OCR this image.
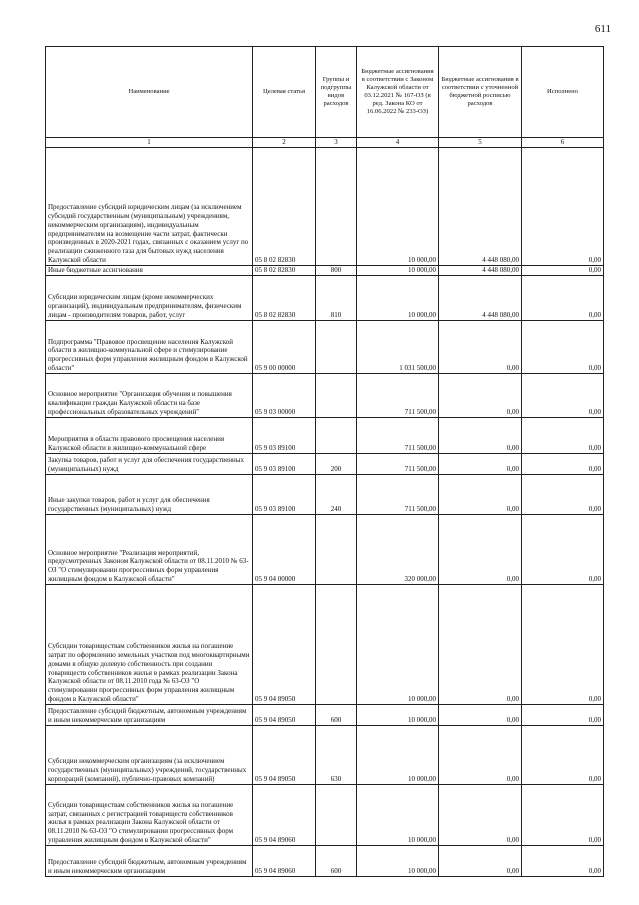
611
Наименование	Целевая статья	Группы и подгруппы видов расходов	Бюджетные ассигнования в соответствии с Законом Калужской области от 03.12.2021 № 167-ОЗ (в ред. Закона КО от 16.06.2022 № 233-ОЗ)	Бюджетные ассигнования в соответствии с уточненной бюджетной росписью расходов	Исполнено
1	2	3	4	5	6
Предоставление субсидий юридическим лицам (за исключением субсидий государственным (муниципальным) учреждениям, некоммерческим организациям), индивидуальным предпринимателям на возмещение части затрат, фактически произведенных в 2020-2021 годах, связанных с оказанием услуг по реализации сжиженного газа для бытовых нужд населения Калужской области	05 8 02 82830		10 000,00	4 448 080,00	0,00
Иные бюджетные ассигнования	05 8 02 82830	800	10 000,00	4 448 080,00	0,00
Субсидии юридическим лицам (кроме некоммерческих организаций), индивидуальным предпринимателям, физическим лицам - производителям товаров, работ, услуг	05 8 02 82830	810	10 000,00	4 448 080,00	0,00
Подпрограмма "Правовое просвещение населения Калужской области в жилищно-коммунальной сфере и стимулирование прогрессивных форм управления жилищным фондом в Калужской области"	05 9 00 00000		1 031 500,00	0,00	0,00
Основное мероприятие "Организация обучения и повышения квалификации граждан Калужской области на базе профессиональных образовательных учреждений"	05 9 03 00000		711 500,00	0,00	0,00
Мероприятия в области правового просвещения населения Калужской области в жилищно-коммунальной сфере	05 9 03 89100		711 500,00	0,00	0,00
Закупка товаров, работ и услуг для обеспечения государственных (муниципальных) нужд	05 9 03 89100	200	711 500,00	0,00	0,00
Иные закупки товаров, работ и услуг для обеспечения государственных (муниципальных) нужд	05 9 03 89100	240	711 500,00	0,00	0,00
Основное мероприятие "Реализация мероприятий, предусмотренных Законом Калужской области от 08.11.2010 № 63-ОЗ "О стимулировании прогрессивных форм управления жилищным фондом в Калужской области"	05 9 04 00000		320 000,00	0,00	0,00
Субсидии товариществам собственников жилья на погашение затрат по оформлению земельных участков под многоквартирными домами в общую долевую собственность при создании товариществ собственников жилья в рамках реализации Закона Калужской области от 08.11.2010 года № 63-ОЗ "О стимулировании прогрессивных форм управления жилищным фондом в Калужской области"	05 9 04 89050		10 000,00	0,00	0,00
Предоставление субсидий бюджетным, автономным учреждениям и иным некоммерческим организациям	05 9 04 89050	600	10 000,00	0,00	0,00
Субсидии некоммерческим организациям (за исключением государственных (муниципальных) учреждений, государственных корпораций (компаний), публично-правовых компаний)	05 9 04 89050	630	10 000,00	0,00	0,00
Субсидии товариществам собственников жилья на погашение затрат, связанных с регистрацией товариществ собственников жилья в рамках реализации Закона Калужской области от 08.11.2010 № 63-ОЗ "О стимулировании прогрессивных форм управления жилищным фондом в Калужской области"	05 9 04 89060		10 000,00	0,00	0,00
Предоставление субсидий бюджетным, автономным учреждениям и иным некоммерческим организациям	05 9 04 89060	600	10 000,00	0,00	0,00
